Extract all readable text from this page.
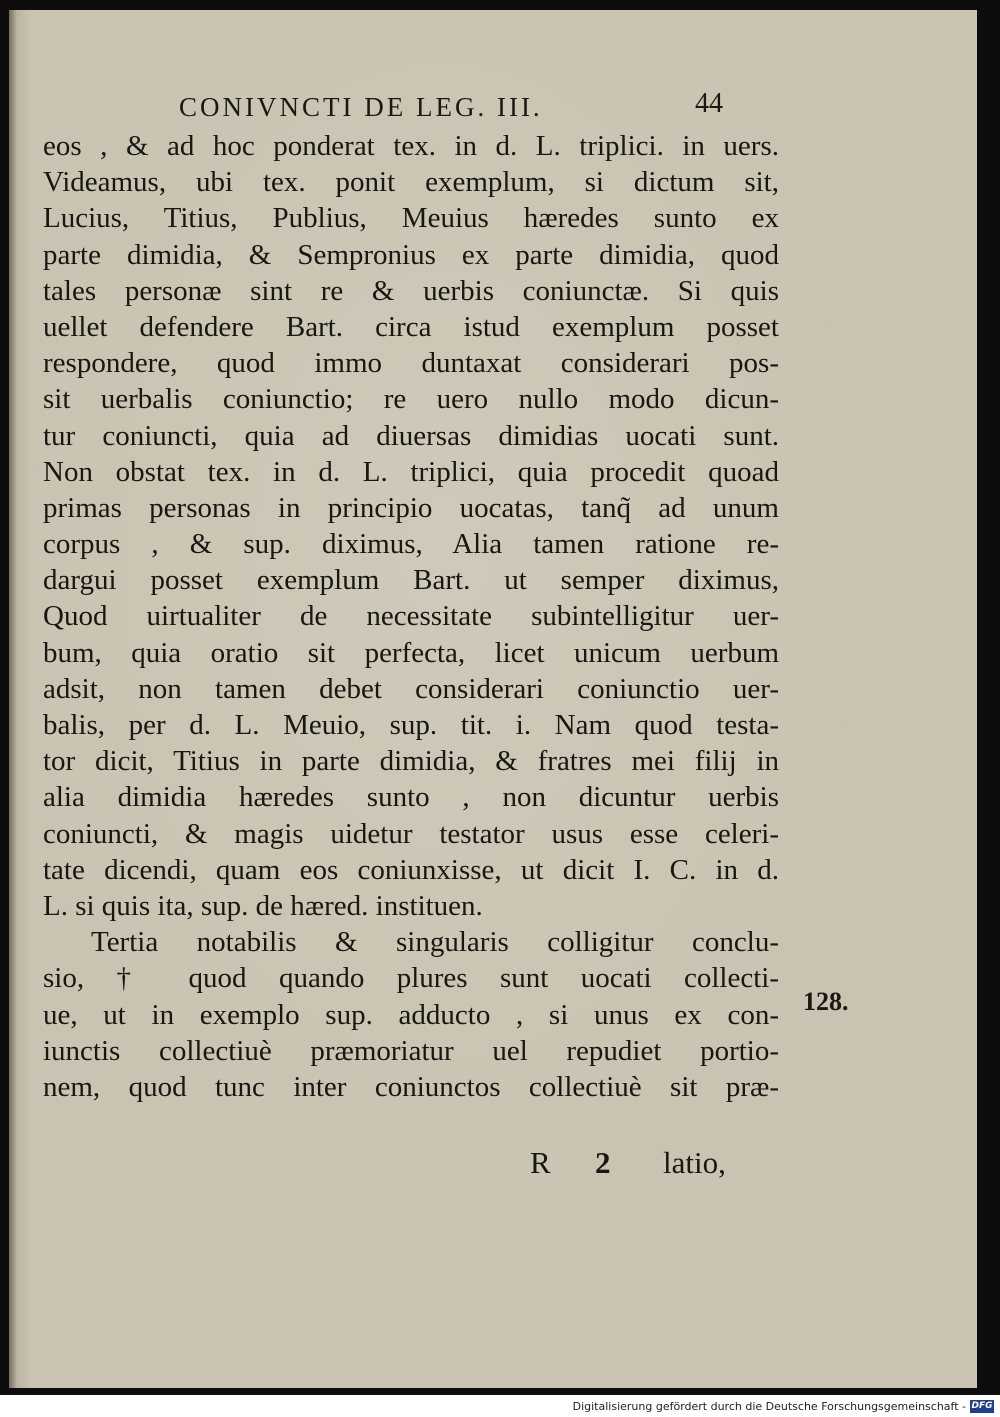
CONIVNCTI DE LEG. III.	44
eos , & ad hoc ponderat tex. in d. L. triplici. in uers.
Videamus, ubi tex. ponit exemplum, si dictum sit,
Lucius, Titius, Publius, Meuius hæredes sunto ex
parte dimidia, & Sempronius ex parte dimidia, quod
tales personæ sint re & uerbis coniunctæ. Si quis
uellet defendere Bart. circa istud exemplum posset
respondere, quod immo duntaxat considerari pos-
sit uerbalis coniunctio; re uero nullo modo dicun-
tur coniuncti, quia ad diuersas dimidias uocati sunt.
Non obstat tex. in d. L. triplici, quia procedit quoad
primas personas in principio uocatas, tanq̃ ad unum
corpus , & sup. diximus, Alia tamen ratione re-
dargui posset exemplum Bart. ut semper diximus,
Quod uirtualiter de necessitate subintelligitur uer-
bum, quia oratio sit perfecta, licet unicum uerbum
adsit, non tamen debet considerari coniunctio uer-
balis, per d. L. Meuio, sup. tit. i. Nam quod testa-
tor dicit, Titius in parte dimidia, & fratres mei filij in
alia dimidia hæredes sunto , non dicuntur uerbis
coniuncti, & magis uidetur testator usus esse celeri-
tate dicendi, quam eos coniunxisse, ut dicit I. C. in d.
L. si quis ita, sup. de hæred. instituen.
Tertia notabilis & singularis colligitur conclu-
sio, † quod quando plures sunt uocati collecti-
ue, ut in exemplo sup. adducto , si unus ex con-
iunctis collectiuè præmoriatur uel repudiet portio-
nem, quod tunc inter coniunctos collectiuè sit præ-
128.
R 2 latio,
Digitalisierung gefördert durch die Deutsche Forschungsgemeinschaft - DFG
